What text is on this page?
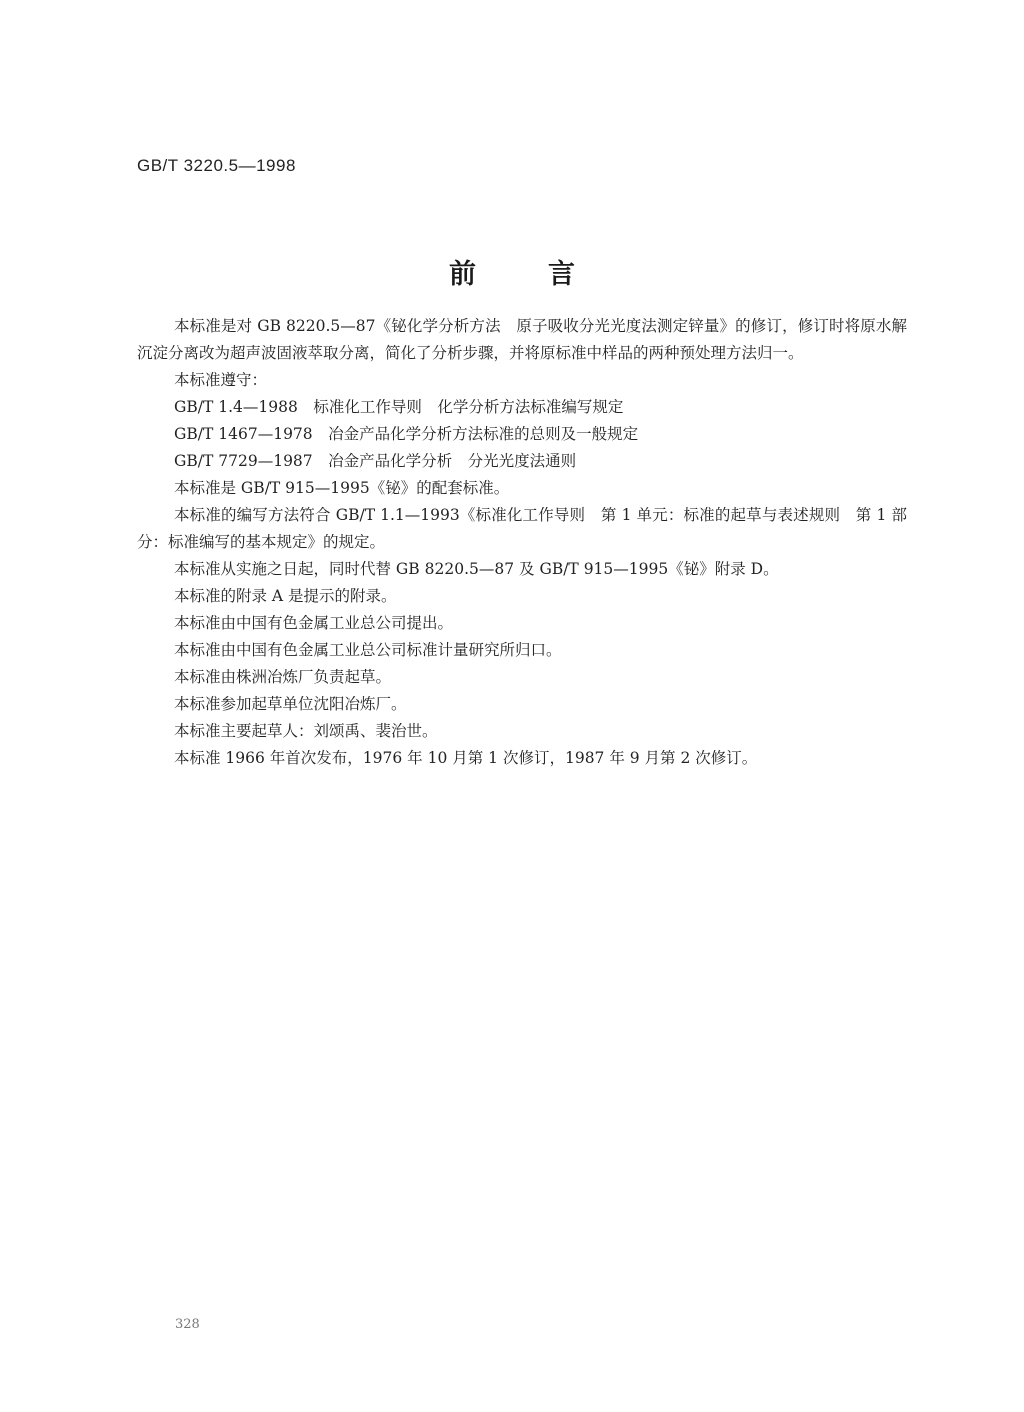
GB/T 3220.5—1998
前言

本标准是对 GB 8220.5—87《铋化学分析方法　原子吸收分光光度法测定锌量》的修订，修订时将原水解沉淀分离改为超声波固液萃取分离，简化了分析步骤，并将原标准中样品的两种预处理方法归一。

本标准遵守：

GB/T 1.4—1988　标准化工作导则　化学分析方法标准编写规定

GB/T 1467—1978　冶金产品化学分析方法标准的总则及一般规定

GB/T 7729—1987　冶金产品化学分析　分光光度法通则

本标准是 GB/T 915—1995《铋》的配套标准。

本标准的编写方法符合 GB/T 1.1—1993《标准化工作导则　第 1 单元：标准的起草与表述规则　第 1 部分：标准编写的基本规定》的规定。

本标准从实施之日起，同时代替 GB 8220.5—87 及 GB/T 915—1995《铋》附录 D。

本标准的附录 A 是提示的附录。

本标准由中国有色金属工业总公司提出。

本标准由中国有色金属工业总公司标准计量研究所归口。

本标准由株洲冶炼厂负责起草。

本标准参加起草单位沈阳冶炼厂。

本标准主要起草人：刘颂禹、裴治世。

本标准 1966 年首次发布，1976 年 10 月第 1 次修订，1987 年 9 月第 2 次修订。

328
